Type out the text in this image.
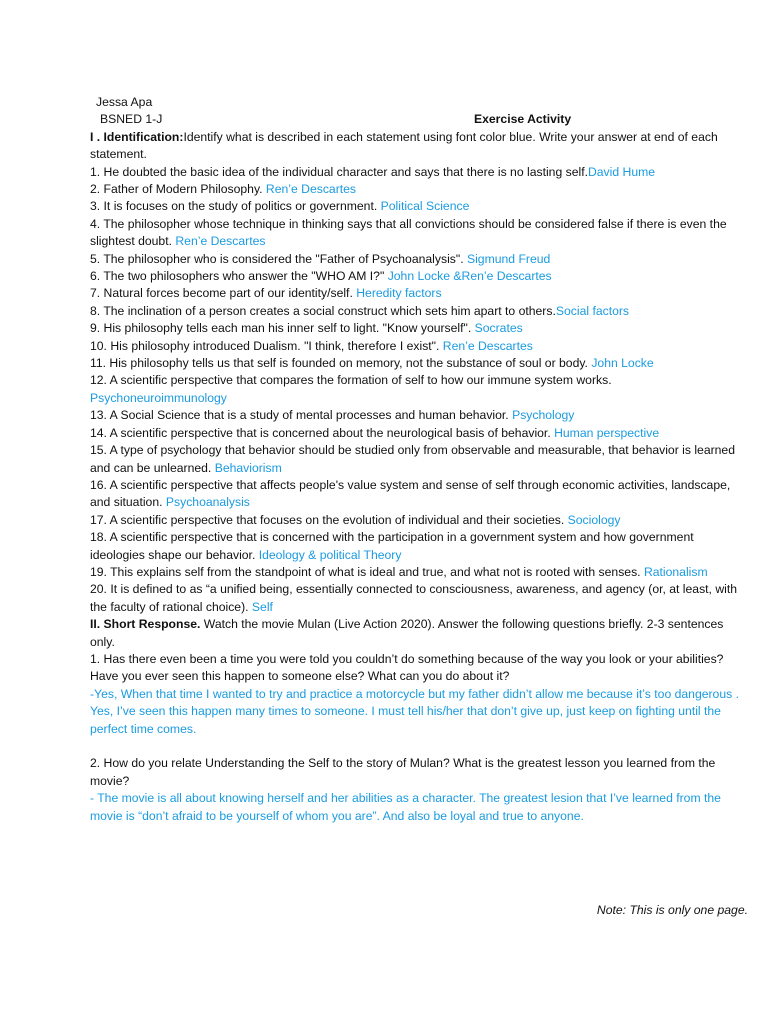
Jessa Apa
BSNED 1-J	Exercise Activity

I . Identification:Identify what is described in each statement using font color blue. Write your answer at end of each statement.

1. He doubted the basic idea of the individual character and says that there is no lasting self.David Hume

2. Father of Modern Philosophy. Ren’e Descartes

3. It is focuses on the study of politics or government. Political Science

4. The philosopher whose technique in thinking says that all convictions should be considered false if there is even the slightest doubt. Ren’e Descartes

5. The philosopher who is considered the "Father of Psychoanalysis". Sigmund Freud

6. The two philosophers who answer the "WHO AM I?" John Locke &Ren’e Descartes

7. Natural forces become part of our identity/self. Heredity factors

8. The inclination of a person creates a social construct which sets him apart to others.Social factors

9. His philosophy tells each man his inner self to light. "Know yourself". Socrates

10. His philosophy introduced Dualism. "I think, therefore I exist". Ren’e Descartes

11. His philosophy tells us that self is founded on memory, not the substance of soul or body. John Locke

12. A scientific perspective that compares the formation of self to how our immune system works. Psychoneuroimmunology

13. A Social Science that is a study of mental processes and human behavior. Psychology

14. A scientific perspective that is concerned about the neurological basis of behavior. Human perspective

15. A type of psychology that behavior should be studied only from observable and measurable, that behavior is learned and can be unlearned. Behaviorism

16. A scientific perspective that affects people's value system and sense of self through economic activities, landscape, and situation. Psychoanalysis

17. A scientific perspective that focuses on the evolution of individual and their societies. Sociology

18. A scientific perspective that is concerned with the participation in a government system and how government ideologies shape our behavior. Ideology & political Theory

19. This explains self from the standpoint of what is ideal and true, and what not is rooted with senses. Rationalism

20. It is defined to as “a unified being, essentially connected to consciousness, awareness, and agency (or, at least, with the faculty of rational choice). Self

II. Short Response. Watch the movie Mulan (Live Action 2020). Answer the following questions briefly. 2-3 sentences only.

1. Has there even been a time you were told you couldn’t do something because of the way you look or your abilities? Have you ever seen this happen to someone else? What can you do about it?

-Yes, When that time I wanted to try and practice a motorcycle but my father didn’t allow me because it’s too dangerous . Yes, I’ve seen this happen many times to someone. I must tell his/her that don’t give up, just keep on fighting until the perfect time comes.

2. How do you relate Understanding the Self to the story of Mulan? What is the greatest lesson you learned from the movie?

- The movie is all about knowing herself and her abilities as a character. The greatest lesion that I’ve learned from the movie is “don’t afraid to be yourself of whom you are”. And also be loyal and true to anyone.

Note: This is only one page.
